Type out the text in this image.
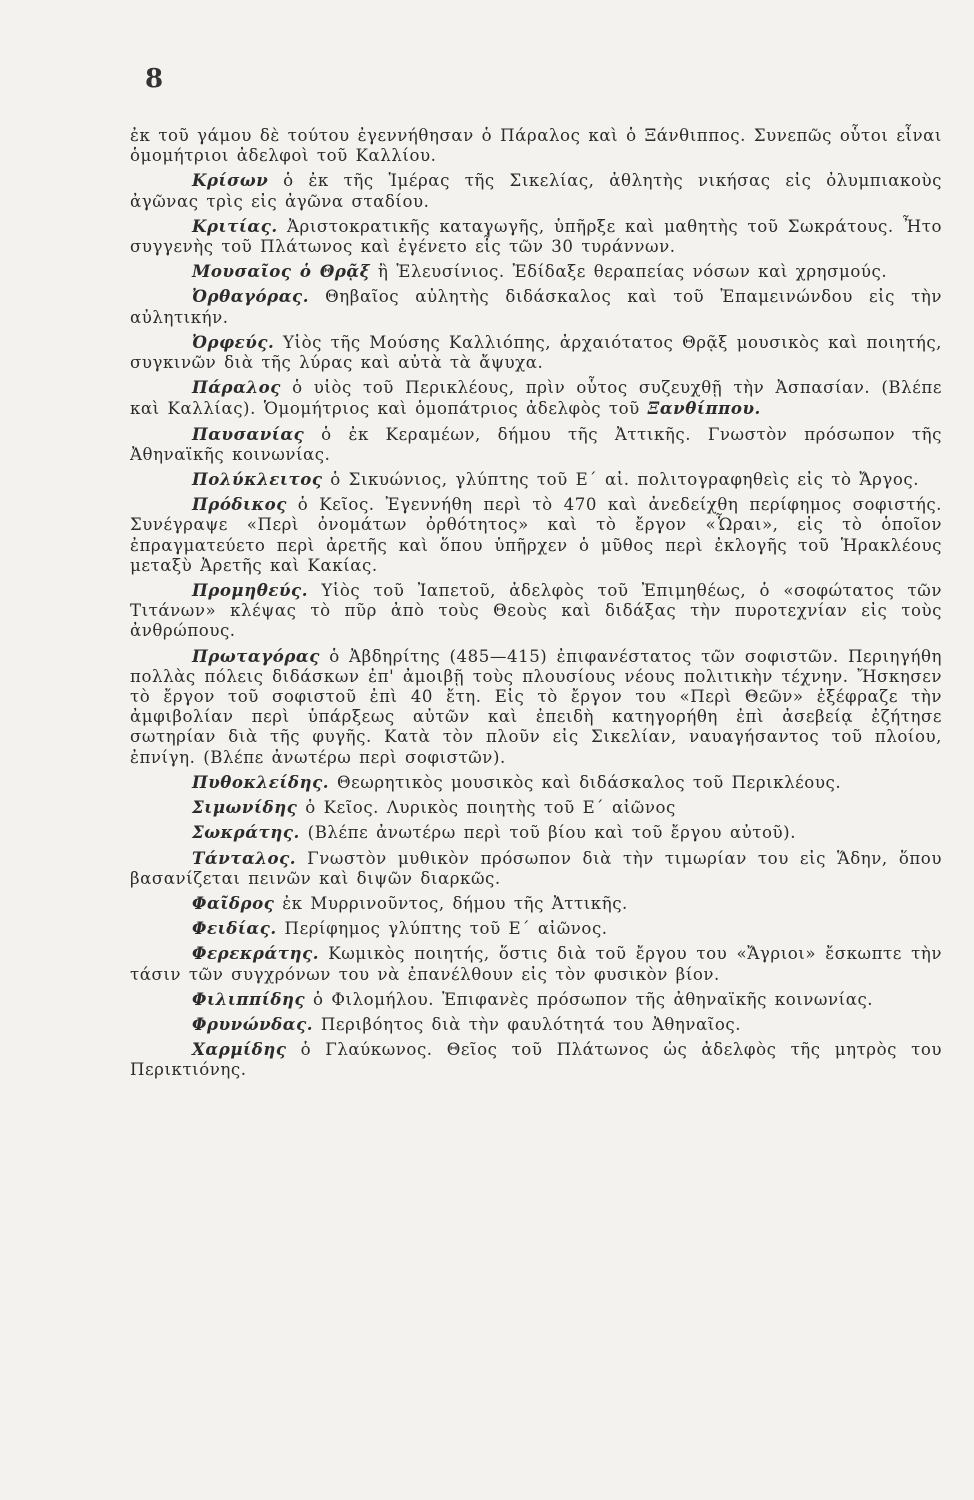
8

ἐκ τοῦ γάμου δὲ τούτου ἐγεννήθησαν ὁ Πάραλος καὶ ὁ Ξάνθιππος. Συνεπῶς οὗτοι εἶναι ὁμομήτριοι ἀδελφοὶ τοῦ Καλλίου.

Κρίσων ὁ ἐκ τῆς Ἱμέρας τῆς Σικελίας, ἀθλητὴς νικήσας εἰς ὀλυμπιακοὺς ἀγῶνας τρὶς εἰς ἀγῶνα σταδίου.

Κριτίας. Ἀριστοκρατικῆς καταγωγῆς, ὑπῆρξε καὶ μαθητὴς τοῦ Σωκράτους. Ἦτο συγγενὴς τοῦ Πλάτωνος καὶ ἐγένετο εἷς τῶν 30 τυράννων.

Μουσαῖος ὁ Θρᾷξ ἢ Ἐλευσίνιος. Ἐδίδαξε θεραπείας νόσων καὶ χρησμούς.

Ὀρθαγόρας. Θηβαῖος αὐλητὴς διδάσκαλος καὶ τοῦ Ἐπαμεινώνδου εἰς τὴν αὐλητικήν.

Ὀρφεύς. Υἱὸς τῆς Μούσης Καλλιόπης, ἀρχαιότατος Θρᾷξ μουσικὸς καὶ ποιητής, συγκινῶν διὰ τῆς λύρας καὶ αὐτὰ τὰ ἄψυχα.

Πάραλος ὁ υἱὸς τοῦ Περικλέους, πρὶν οὗτος συζευχθῇ τὴν Ἀσπασίαν. (Βλέπε καὶ Καλλίας). Ὁμομήτριος καὶ ὁμοπάτριος ἀδελφὸς τοῦ Ξανθίππου.

Παυσανίας ὁ ἐκ Κεραμέων, δήμου τῆς Ἀττικῆς. Γνωστὸν πρόσωπον τῆς Ἀθηναϊκῆς κοινωνίας.

Πολύκλειτος ὁ Σικυώνιος, γλύπτης τοῦ Ε΄ αἰ. πολιτογραφηθεὶς εἰς τὸ Ἄργος.

Πρόδικος ὁ Κεῖος. Ἐγεννήθη περὶ τὸ 470 καὶ ἀνεδείχθη περίφημος σοφιστής. Συνέγραψε «Περὶ ὀνομάτων ὀρθότητος» καὶ τὸ ἔργον «Ὧραι», εἰς τὸ ὁποῖον ἐπραγματεύετο περὶ ἀρετῆς καὶ ὅπου ὑπῆρχεν ὁ μῦθος περὶ ἐκλογῆς τοῦ Ἡρακλέους μεταξὺ Ἀρετῆς καὶ Κακίας.

Προμηθεύς. Υἱὸς τοῦ Ἰαπετοῦ, ἀδελφὸς τοῦ Ἐπιμηθέως, ὁ «σοφώτατος τῶν Τιτάνων» κλέψας τὸ πῦρ ἀπὸ τοὺς Θεοὺς καὶ διδάξας τὴν πυροτεχνίαν εἰς τοὺς ἀνθρώπους.

Πρωταγόρας ὁ Ἀβδηρίτης (485—415) ἐπιφανέστατος τῶν σοφιστῶν. Περιηγήθη πολλὰς πόλεις διδάσκων ἐπ' ἀμοιβῇ τοὺς πλουσίους νέους πολιτικὴν τέχνην. Ἤσκησεν τὸ ἔργον τοῦ σοφιστοῦ ἐπὶ 40 ἔτη. Εἰς τὸ ἔργον του «Περὶ Θεῶν» ἐξέφραζε τὴν ἀμφιβολίαν περὶ ὑπάρξεως αὐτῶν καὶ ἐπειδὴ κατηγορήθη ἐπὶ ἀσεβείᾳ ἐζήτησε σωτηρίαν διὰ τῆς φυγῆς. Κατὰ τὸν πλοῦν εἰς Σικελίαν, ναυαγήσαντος τοῦ πλοίου, ἐπνίγη. (Βλέπε ἀνωτέρω περὶ σοφιστῶν).

Πυθοκλείδης. Θεωρητικὸς μουσικὸς καὶ διδάσκαλος τοῦ Περικλέους.

Σιμωνίδης ὁ Κεῖος. Λυρικὸς ποιητὴς τοῦ Ε΄ αἰῶνος

Σωκράτης. (Βλέπε ἀνωτέρω περὶ τοῦ βίου καὶ τοῦ ἔργου αὐτοῦ).

Τάνταλος. Γνωστὸν μυθικὸν πρόσωπον διὰ τὴν τιμωρίαν του εἰς Ἅδην, ὅπου βασανίζεται πεινῶν καὶ διψῶν διαρκῶς.

Φαῖδρος ἐκ Μυρρινοῦντος, δήμου τῆς Ἀττικῆς.

Φειδίας. Περίφημος γλύπτης τοῦ Ε΄ αἰῶνος.

Φερεκράτης. Κωμικὸς ποιητής, ὅστις διὰ τοῦ ἔργου του «Ἄγριοι» ἔσκωπτε τὴν τάσιν τῶν συγχρόνων του νὰ ἐπανέλθουν εἰς τὸν φυσικὸν βίον.

Φιλιππίδης ὁ Φιλομήλου. Ἐπιφανὲς πρόσωπον τῆς ἀθηναϊκῆς κοινωνίας.

Φρυνώνδας. Περιβόητος διὰ τὴν φαυλότητά του Ἀθηναῖος.

Χαρμίδης ὁ Γλαύκωνος. Θεῖος τοῦ Πλάτωνος ὡς ἀδελφὸς τῆς μητρὸς του Περικτιόνης.
